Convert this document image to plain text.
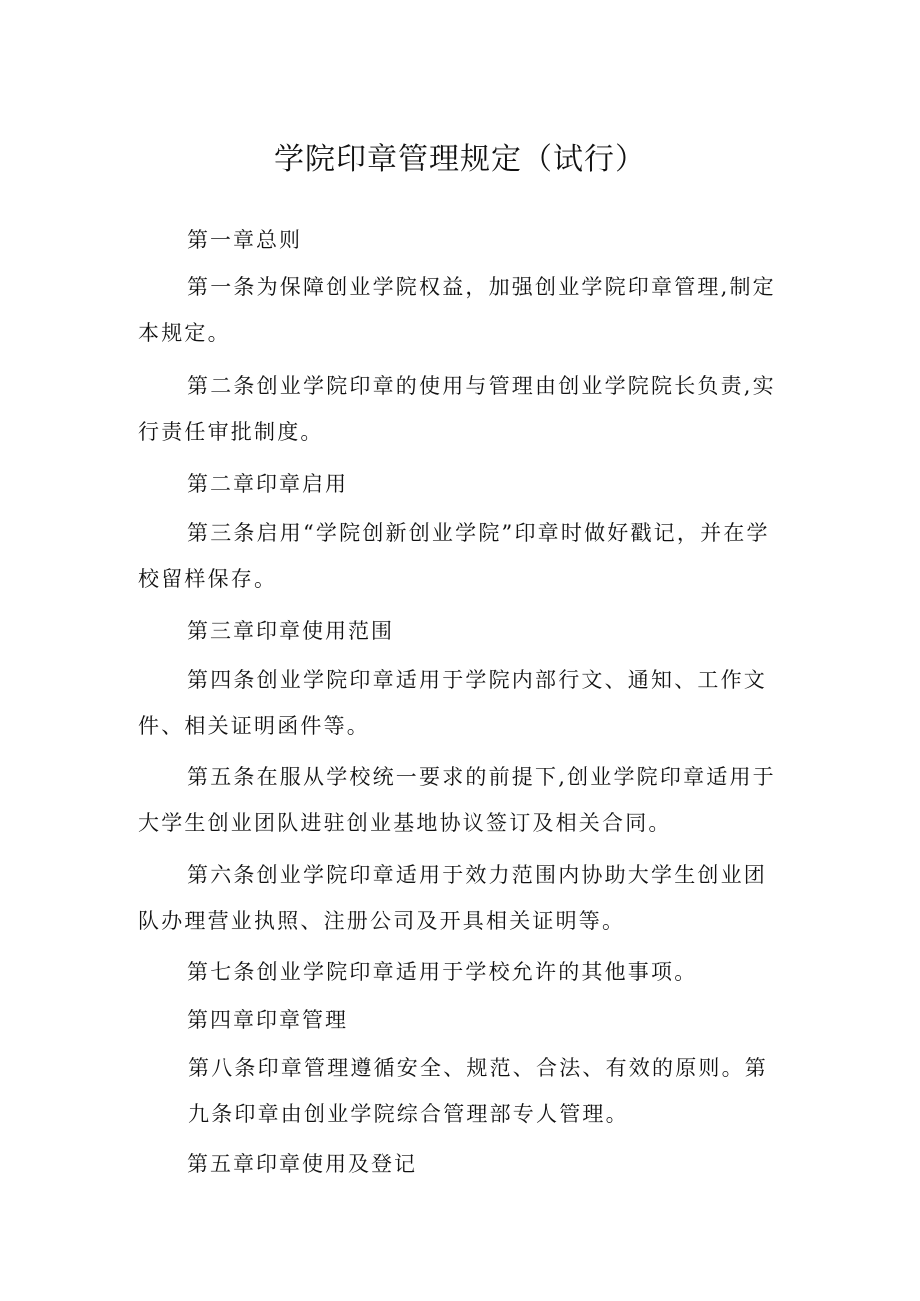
学院印章管理规定（试行）

第一章总则

第一条为保障创业学院权益，加强创业学院印章管理,制定本规定。

第二条创业学院印章的使用与管理由创业学院院长负责,实行责任审批制度。

第二章印章启用

第三条启用“学院创新创业学院”印章时做好戳记，并在学校留样保存。

第三章印章使用范围

第四条创业学院印章适用于学院内部行文、通知、工作文件、相关证明函件等。

第五条在服从学校统一要求的前提下,创业学院印章适用于大学生创业团队进驻创业基地协议签订及相关合同。

第六条创业学院印章适用于效力范围内协助大学生创业团队办理营业执照、注册公司及开具相关证明等。

第七条创业学院印章适用于学校允许的其他事项。

第四章印章管理

第八条印章管理遵循安全、规范、合法、有效的原则。第九条印章由创业学院综合管理部专人管理。

第五章印章使用及登记
